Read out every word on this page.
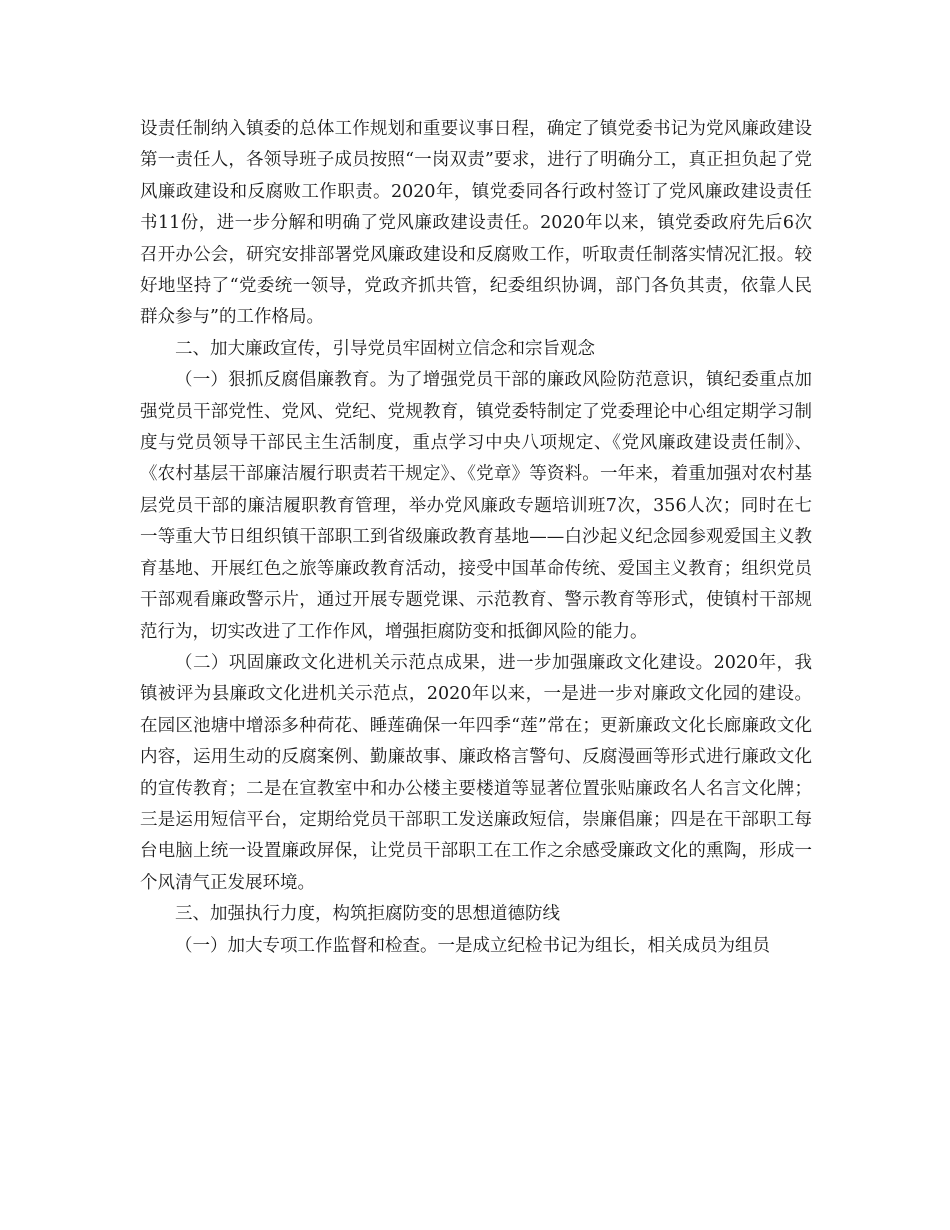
设责任制纳入镇委的总体工作规划和重要议事日程，确定了镇党委书记为党风廉政建设第一责任人，各领导班子成员按照“一岗双责”要求，进行了明确分工，真正担负起了党风廉政建设和反腐败工作职责。2020年，镇党委同各行政村签订了党风廉政建设责任书11份，进一步分解和明确了党风廉政建设责任。2020年以来，镇党委政府先后6次召开办公会，研究安排部署党风廉政建设和反腐败工作，听取责任制落实情况汇报。较好地坚持了“党委统一领导，党政齐抓共管，纪委组织协调，部门各负其责，依靠人民群众参与”的工作格局。

二、加大廉政宣传，引导党员牢固树立信念和宗旨观念

（一）狠抓反腐倡廉教育。为了增强党员干部的廉政风险防范意识，镇纪委重点加强党员干部党性、党风、党纪、党规教育，镇党委特制定了党委理论中心组定期学习制度与党员领导干部民主生活制度，重点学习中央八项规定、《党风廉政建设责任制》、《农村基层干部廉洁履行职责若干规定》、《党章》等资料。一年来，着重加强对农村基层党员干部的廉洁履职教育管理，举办党风廉政专题培训班7次，356人次；同时在七一等重大节日组织镇干部职工到省级廉政教育基地——白沙起义纪念园参观爱国主义教育基地、开展红色之旅等廉政教育活动，接受中国革命传统、爱国主义教育；组织党员干部观看廉政警示片，通过开展专题党课、示范教育、警示教育等形式，使镇村干部规范行为，切实改进了工作作风，增强拒腐防变和抵御风险的能力。

（二）巩固廉政文化进机关示范点成果，进一步加强廉政文化建设。2020年，我镇被评为县廉政文化进机关示范点，2020年以来，一是进一步对廉政文化园的建设。在园区池塘中增添多种荷花、睡莲确保一年四季“莲”常在；更新廉政文化长廊廉政文化内容，运用生动的反腐案例、勤廉故事、廉政格言警句、反腐漫画等形式进行廉政文化的宣传教育；二是在宣教室中和办公楼主要楼道等显著位置张贴廉政名人名言文化牌；三是运用短信平台，定期给党员干部职工发送廉政短信，崇廉倡廉；四是在干部职工每台电脑上统一设置廉政屏保，让党员干部职工在工作之余感受廉政文化的熏陶，形成一个风清气正发展环境。

三、加强执行力度，构筑拒腐防变的思想道德防线

（一）加大专项工作监督和检查。一是成立纪检书记为组长，相关成员为组员
